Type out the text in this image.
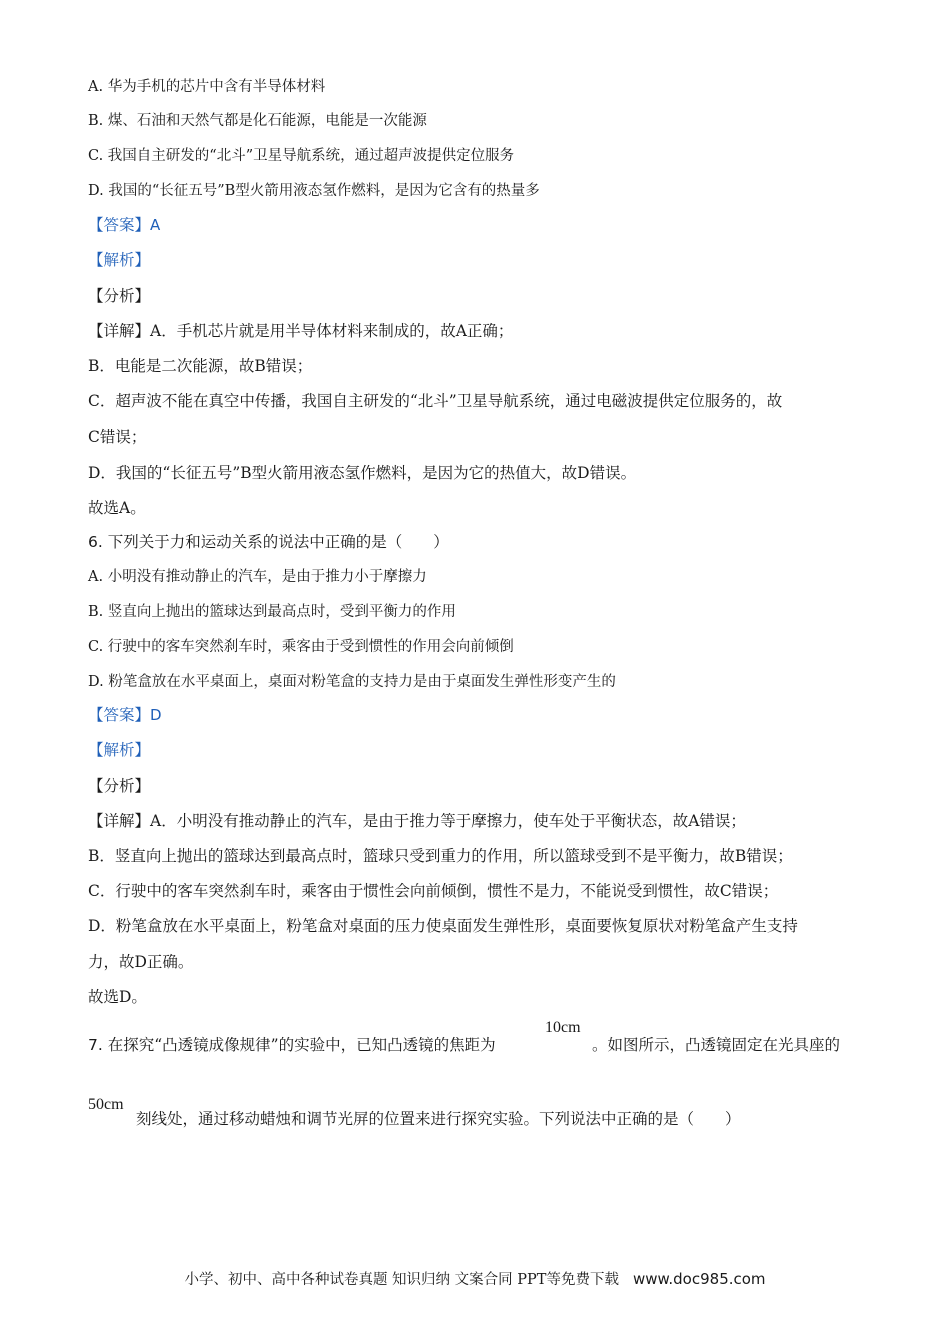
A. 华为手机的芯片中含有半导体材料
B. 煤、石油和天然气都是化石能源，电能是一次能源
C. 我国自主研发的“北斗”卫星导航系统，通过超声波提供定位服务
D. 我国的“长征五号”B型火箭用液态氢作燃料，是因为它含有的热量多
【答案】A
【解析】
【分析】
【详解】A．手机芯片就是用半导体材料来制成的，故A正确；
B．电能是二次能源，故B错误；
C．超声波不能在真空中传播，我国自主研发的“北斗”卫星导航系统，通过电磁波提供定位服务的，故
C错误；
D．我国的“长征五号”B型火箭用液态氢作燃料，是因为它的热值大，故D错误。
故选A。
6. 下列关于力和运动关系的说法中正确的是（　　）
A. 小明没有推动静止的汽车，是由于推力小于摩擦力
B. 竖直向上抛出的篮球达到最高点时，受到平衡力的作用
C. 行驶中的客车突然刹车时，乘客由于受到惯性的作用会向前倾倒
D. 粉笔盒放在水平桌面上，桌面对粉笔盒的支持力是由于桌面发生弹性形变产生的
【答案】D
【解析】
【分析】
【详解】A．小明没有推动静止的汽车，是由于推力等于摩擦力，使车处于平衡状态，故A错误；
B．竖直向上抛出的篮球达到最高点时，篮球只受到重力的作用，所以篮球受到不是平衡力，故B错误；
C．行驶中的客车突然刹车时，乘客由于惯性会向前倾倒，惯性不是力，不能说受到惯性，故C错误；
D．粉笔盒放在水平桌面上，粉笔盒对桌面的压力使桌面发生弹性形，桌面要恢复原状对粉笔盒产生支持
力，故D正确。
故选D。
7. 在探究“凸透镜成像规律”的实验中，已知凸透镜的焦距为
10cm
。如图所示，凸透镜固定在光具座的
50cm
刻线处，通过移动蜡烛和调节光屏的位置来进行探究实验。下列说法中正确的是（　　）
小学、初中、高中各种试卷真题 知识归纳 文案合同 PPT等免费下载 www.doc985.com
